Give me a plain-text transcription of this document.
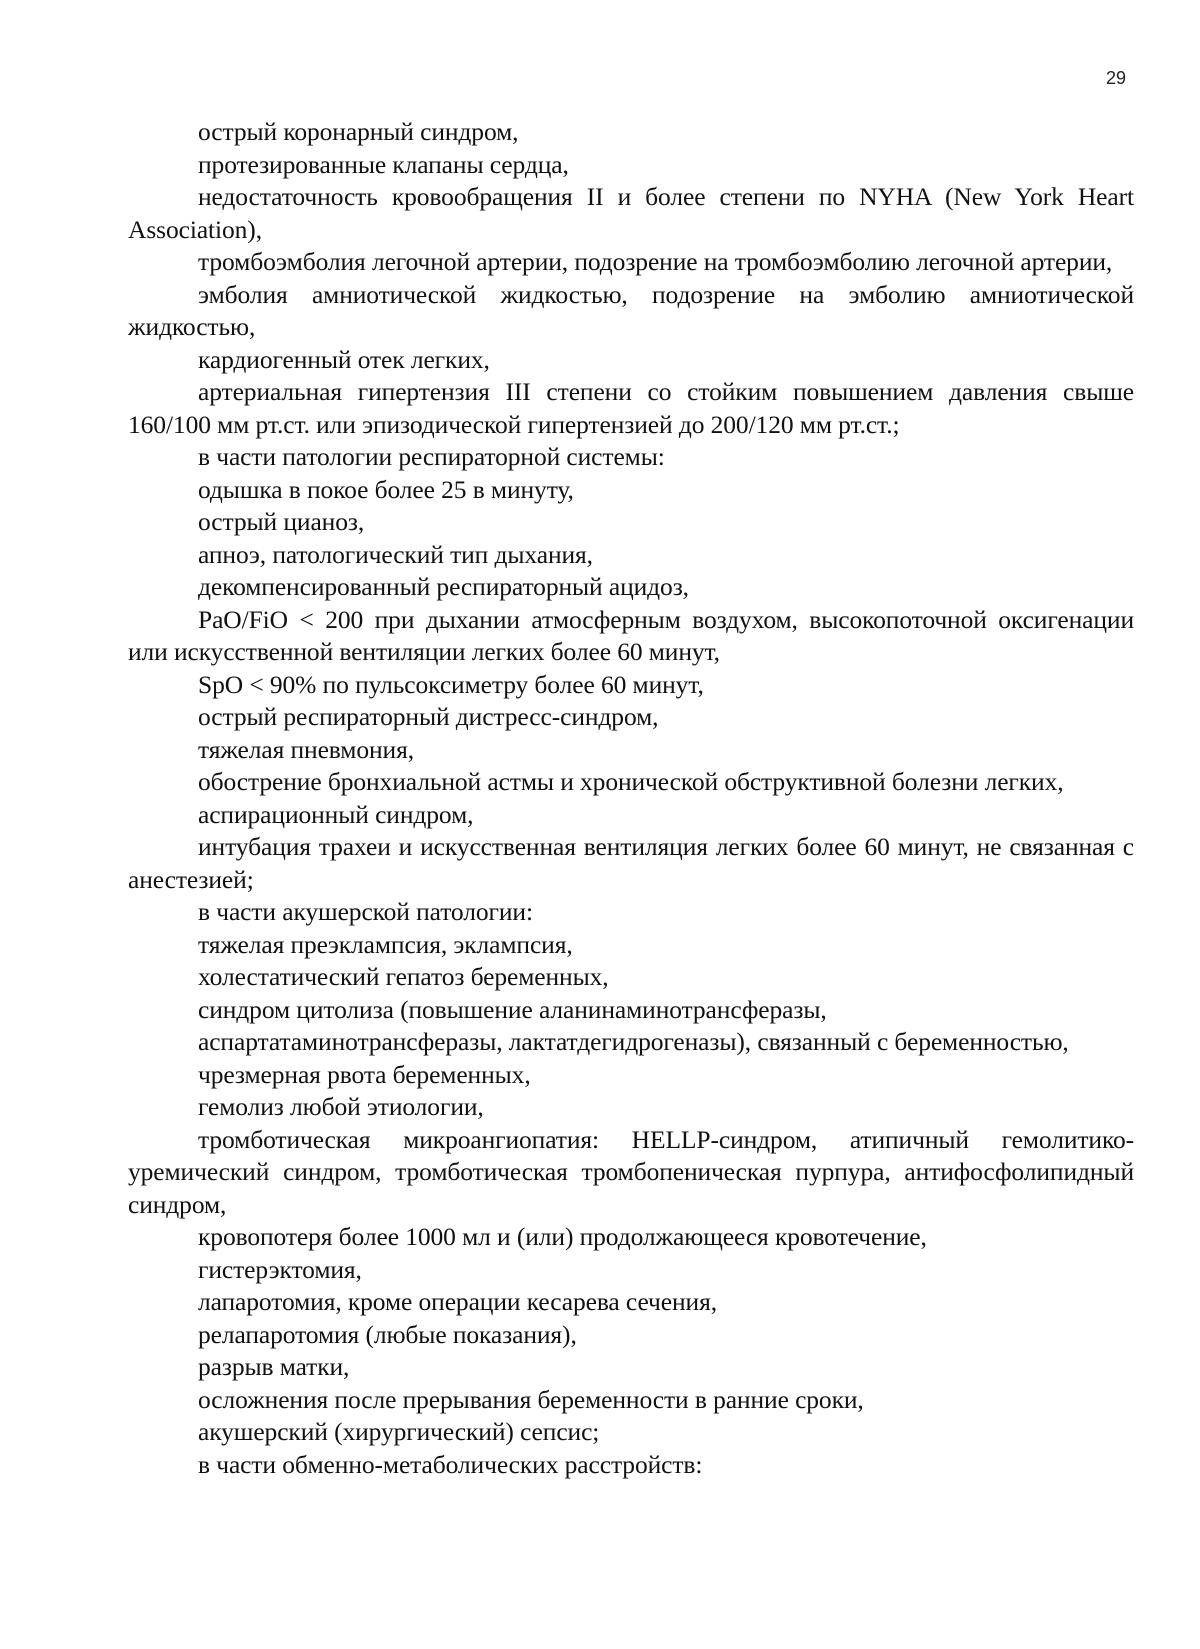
29

острый коронарный синдром,

протезированные клапаны сердца,

недостаточность кровообращения II и более степени по NYHA (New York Heart Association),

тромбоэмболия легочной артерии, подозрение на тромбоэмболию легочной артерии,

эмболия амниотической жидкостью, подозрение на эмболию амниотической жидкостью,

кардиогенный отек легких,

артериальная гипертензия III степени со стойким повышением давления свыше 160/100 мм рт.ст. или эпизодической гипертензией до 200/120 мм рт.ст.;

в части патологии респираторной системы:

одышка в покое более 25 в минуту,

острый цианоз,

апноэ, патологический тип дыхания,

декомпенсированный респираторный ацидоз,

PaO/FiO < 200 при дыхании атмосферным воздухом, высокопоточной оксигенации или искусственной вентиляции легких более 60 минут,

SpO < 90% по пульсоксиметру более 60 минут,

острый респираторный дистресс-синдром,

тяжелая пневмония,

обострение бронхиальной астмы и хронической обструктивной болезни легких,

аспирационный синдром,

интубация трахеи и искусственная вентиляция легких более 60 минут, не связанная с анестезией;

в части акушерской патологии:

тяжелая преэклампсия, эклампсия,

холестатический гепатоз беременных,

синдром цитолиза (повышение аланинаминотрансферазы,

аспартатаминотрансферазы, лактатдегидрогеназы), связанный с беременностью,

чрезмерная рвота беременных,

гемолиз любой этиологии,

тромботическая микроангиопатия: HELLP-синдром, атипичный гемолитико-уремический синдром, тромботическая тромбопеническая пурпура, антифосфолипидный синдром,

кровопотеря более 1000 мл и (или) продолжающееся кровотечение,

гистерэктомия,

лапаротомия, кроме операции кесарева сечения,

релапаротомия (любые показания),

разрыв матки,

осложнения после прерывания беременности в ранние сроки,

акушерский (хирургический) сепсис;

в части обменно-метаболических расстройств:
